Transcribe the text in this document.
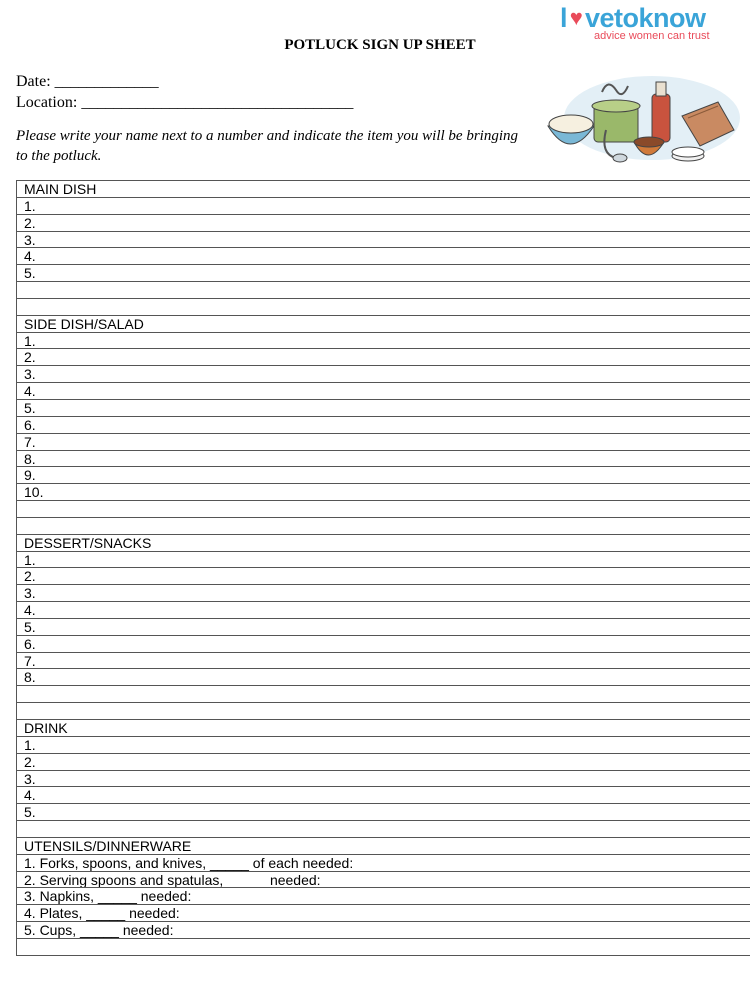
l ♥ vetoknow
advice women can trust
POTLUCK SIGN UP SHEET
Date: _____________
Location: __________________________________
Please write your name next to a number and indicate the item you will be bringing to the potluck.
MAIN DISH
1.
2.
3.
4.
5.
SIDE DISH/SALAD
1.
2.
3.
4.
5.
6.
7.
8.
9.
10.
DESSERT/SNACKS
1.
2.
3.
4.
5.
6.
7.
8.
DRINK
1.
2.
3.
4.
5.
UTENSILS/DINNERWARE
1. Forks, spoons, and knives, _____ of each needed:
2. Serving spoons and spatulas, _____ needed:
3. Napkins, _____ needed:
4. Plates, _____ needed:
5. Cups, _____ needed:
